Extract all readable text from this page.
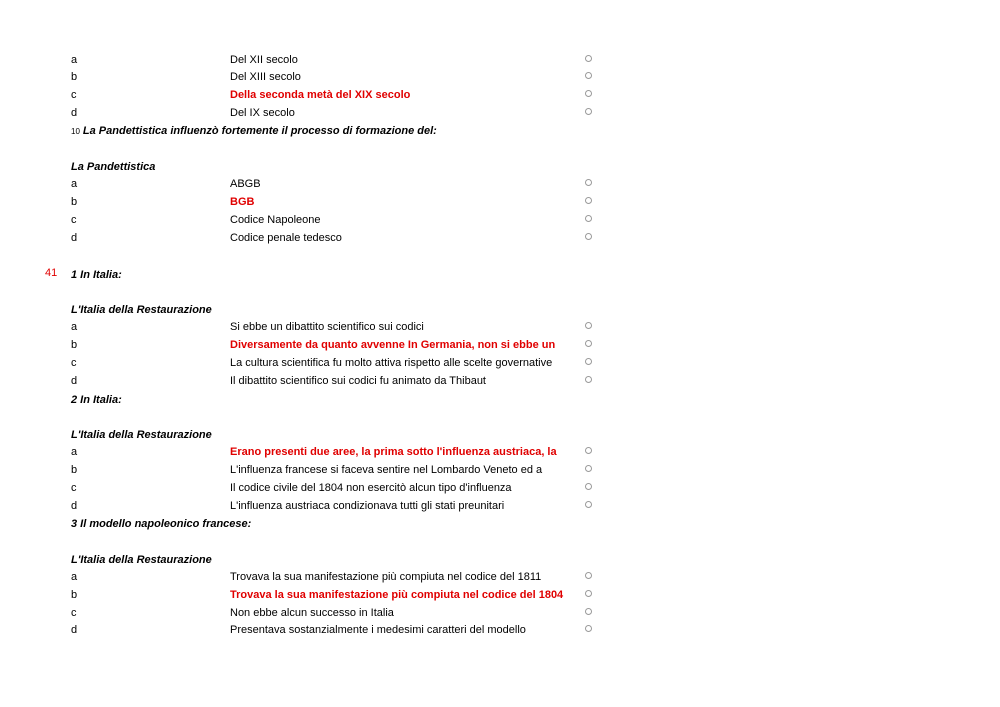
a	Del XII secolo
b	Del XIII secolo
c	Della seconda metà del XIX secolo
d	Del IX secolo
10 La Pandettistica influenzò fortemente il processo di formazione del:
La Pandettistica
a	ABGB
b	BGB
c	Codice Napoleone
d	Codice penale tedesco
41 1 In Italia:
L'Italia della Restaurazione
a	Si ebbe un dibattito scientifico sui codici
b	Diversamente da quanto avvenne In Germania, non si ebbe un
c	La cultura scientifica fu molto attiva rispetto alle scelte governative
d	Il dibattito scientifico sui codici fu animato da Thibaut
2 In Italia:
L'Italia della Restaurazione
a	Erano presenti due aree, la prima sotto l'influenza austriaca, la
b	L'influenza francese si faceva sentire nel Lombardo Veneto ed a
c	Il codice civile del 1804 non esercitò alcun tipo d'influenza
d	L'influenza austriaca condizionava tutti gli stati preunitari
3 Il modello napoleonico francese:
L'Italia della Restaurazione
a	Trovava la sua manifestazione più compiuta nel codice del 1811
b	Trovava la sua manifestazione più compiuta nel codice del 1804
c	Non ebbe alcun successo in Italia
d	Presentava sostanzialmente i medesimi caratteri del modello
